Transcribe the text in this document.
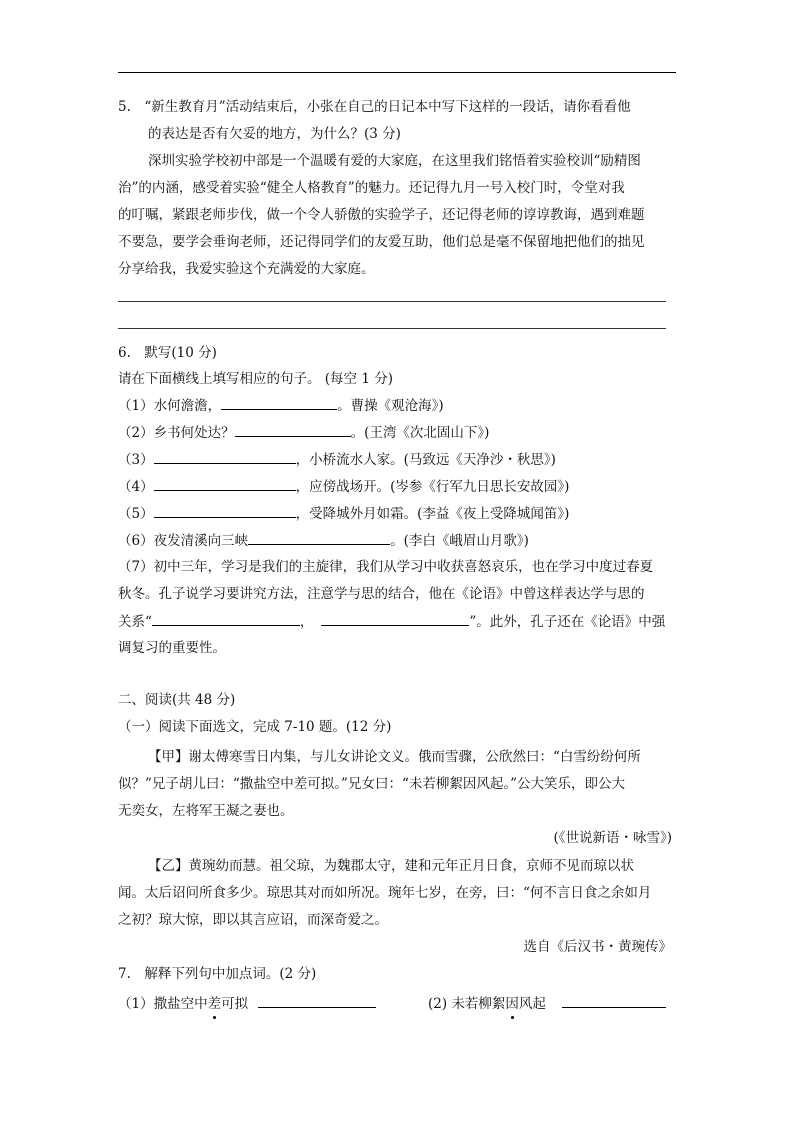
5.　“新生教育月”活动结束后，小张在自己的日记本中写下这样的一段话，请你看看他
的表达是否有欠妥的地方，为什么？(3 分)
深圳实验学校初中部是一个温暖有爱的大家庭，在这里我们铭悟着实验校训“励精图
治”的内涵，感受着实验“健全人格教育”的魅力。还记得九月一号入校门时，令堂对我
的叮嘱，紧跟老师步伐，做一个令人骄傲的实验学子，还记得老师的谆谆教诲，遇到难题
不要急，要学会垂询老师，还记得同学们的友爱互助，他们总是毫不保留地把他们的拙见
分享给我，我爱实验这个充满爱的大家庭。
6.　默写(10 分)
请在下面横线上填写相应的句子。 (每空 1 分)
（1）水何澹澹，	。曹操《观沧海》)
（2）乡书何处达？	。(王湾《次北固山下》)
（3）	，小桥流水人家。(马致远《天净沙・秋思》)
（4）	，应傍战场开。(岑参《行军九日思长安故园》)
（5）	，受降城外月如霜。(李益《夜上受降城闻笛》)
（6）夜发清溪向三峡	。(李白《峨眉山月歌》)
（7）初中三年，学习是我们的主旋律，我们从学习中收获喜怒哀乐，也在学习中度过春夏
秋冬。孔子说学习要讲究方法，注意学与思的结合，他在《论语》中曾这样表达学与思的
关系“	，	”。此外，孔子还在《论语》中强
调复习的重要性。
二、阅读(共 48 分)
（一）阅读下面选文，完成 7-10 题。(12 分)
【甲】谢太傅寒雪日内集，与儿女讲论文义。俄而雪骤，公欣然曰：“白雪纷纷何所
似？”兄子胡儿曰：“撒盐空中差可拟。”兄女曰：“未若柳絮因风起。”公大笑乐，即公大
无奕女，左将军王凝之妻也。
(《世说新语・咏雪》)
【乙】黄琬幼而慧。祖父琼，为魏郡太守，建和元年正月日食，京师不见而琼以状
闻。太后诏问所食多少。琼思其对而如所况。琬年七岁，在旁，曰：“何不言日食之余如月
之初？琼大惊，即以其言应诏，而深奇爱之。
选自《后汉书・黄琬传》
7.　解释下列句中加点词。(2 分)
（1）撒盐空中差可拟	(2) 未若柳絮因风起
